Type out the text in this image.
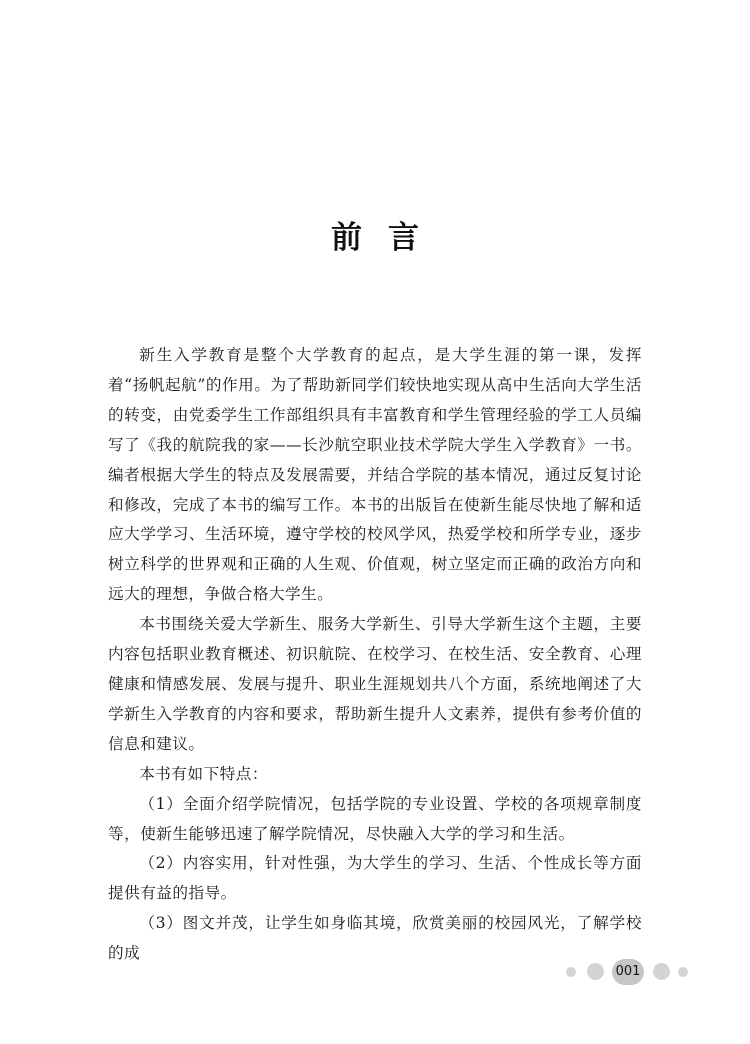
前言

新生入学教育是整个大学教育的起点，是大学生涯的第一课，发挥着“扬帆起航”的作用。为了帮助新同学们较快地实现从高中生活向大学生活的转变，由党委学生工作部组织具有丰富教育和学生管理经验的学工人员编写了《我的航院我的家——长沙航空职业技术学院大学生入学教育》一书。编者根据大学生的特点及发展需要，并结合学院的基本情况，通过反复讨论和修改，完成了本书的编写工作。本书的出版旨在使新生能尽快地了解和适应大学学习、生活环境，遵守学校的校风学风，热爱学校和所学专业，逐步树立科学的世界观和正确的人生观、价值观，树立坚定而正确的政治方向和远大的理想，争做合格大学生。

本书围绕关爱大学新生、服务大学新生、引导大学新生这个主题，主要内容包括职业教育概述、初识航院、在校学习、在校生活、安全教育、心理健康和情感发展、发展与提升、职业生涯规划共八个方面，系统地阐述了大学新生入学教育的内容和要求，帮助新生提升人文素养，提供有参考价值的信息和建议。

本书有如下特点：

（1）全面介绍学院情况，包括学院的专业设置、学校的各项规章制度等，使新生能够迅速了解学院情况，尽快融入大学的学习和生活。

（2）内容实用，针对性强，为大学生的学习、生活、个性成长等方面提供有益的指导。

（3）图文并茂，让学生如身临其境，欣赏美丽的校园风光，了解学校的成

001
